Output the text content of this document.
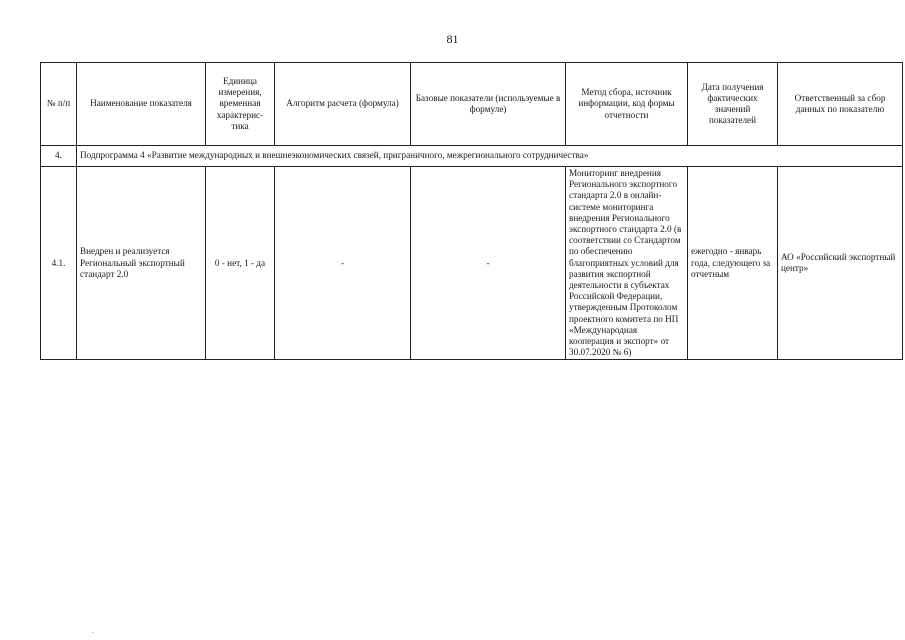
81
№ п/п	Наименование показателя	Единица измерения, временная характерис-тика	Алгоритм расчета (формула)	Базовые показатели (используемые в формуле)	Метод сбора, источник информации, код формы отчетности	Дата получения фактических значений показателей	Ответственный за сбор данных по показателю
4.	Подпрограмма 4 «Развитие международных и внешнеэкономических связей, приграничного, межрегионального сотрудничества»						
4.1.	Внедрен и реализуется Региональный экспортный стандарт 2.0	0 - нет, 1 - да	-	-	Мониторинг внедрения Регионального экспортного стандарта 2.0 в онлайн-системе мониторинга внедрения Регионального экспортного стандарта 2.0 (в соответствии со Стандартом по обеспечению благоприятных условий для развития экспортной деятельности в субъектах Российской Федерации, утвержденным Протоколом проектного комитета по НП «Международная кооперация и экспорт» от 30.07.2020 № 6)	ежегодно - январь года, следующего за отчетным	АО «Российский экспортный центр»
